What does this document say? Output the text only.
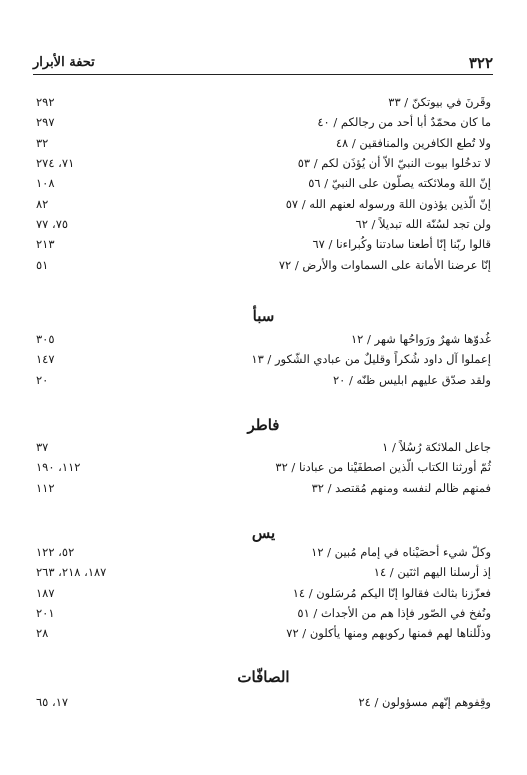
٣٢٢
تحفة الأبرار
وقَرنَ في بيوتكنّ / ٣٣
٢٩٢
ما كان محمّدٌ أبا أحد من رجالكم / ٤٠
٢٩٧
ولا تُطع الكافرين والمنافقين / ٤٨
٣٢
لا تدخُلوا بيوت النبيّ الاّ أن يُؤذَن لكم / ٥٣
٧١، ٢٧٤
إنّ اللهَ وملائكته يصلّون على النبيّ / ٥٦
١٠٨
إنّ الّذين يؤذون اللهَ ورسوله لعنهم الله / ٥٧
٨٢
ولن تجد لسُنّة الله تبديلاً / ٦٢
٧٥، ٧٧
قالوا ربّنا إنّا أطعنا سادتنا وكُبراءنا / ٦٧
٢١٣
إنّا عرضنا الأمانة على السماوات والأرض / ٧٢
٥١
سبأ
غُدوّها شهرٌ ورَواحُها شهر / ١٢
٣٠٥
إعملوا آل داود شُكراً وقليلٌ من عبادي الشّكور / ١٣
١٤٧
ولقد صدّق عليهم ابليس ظنّه / ٢٠
٢٠
فاطر
جاعل الملائكة رُسُلاً / ١
٣٧
ثُمّ أورثنا الكتاب الّذين اصطفَيْنا من عبادنا / ٣٢
١١٢، ١٩٠
فمنهم ظالم لنفسه ومنهم مُقتصد / ٣٢
١١٢
يس
وكلّ شيء أحصَيْناه في إمام مُبين / ١٢
٥٢، ١٢٢
إذ أرسلنا اليهم اثنَين / ١٤
١٨٧، ٢١٨، ٢٦٣
فعزّزنا بثالث فقالوا إنّا اليكم مُرسَلون / ١٤
١٨٧
ونُفخ في الصّور فإذا هم من الأجداث / ٥١
٢٠١
وذلّلناها لهم فمنها ركوبهم ومنها يأكلون / ٧٢
٢٨
الصافّات
وقِفوهم إنّهم مسؤولون / ٢٤
١٧، ٦٥
